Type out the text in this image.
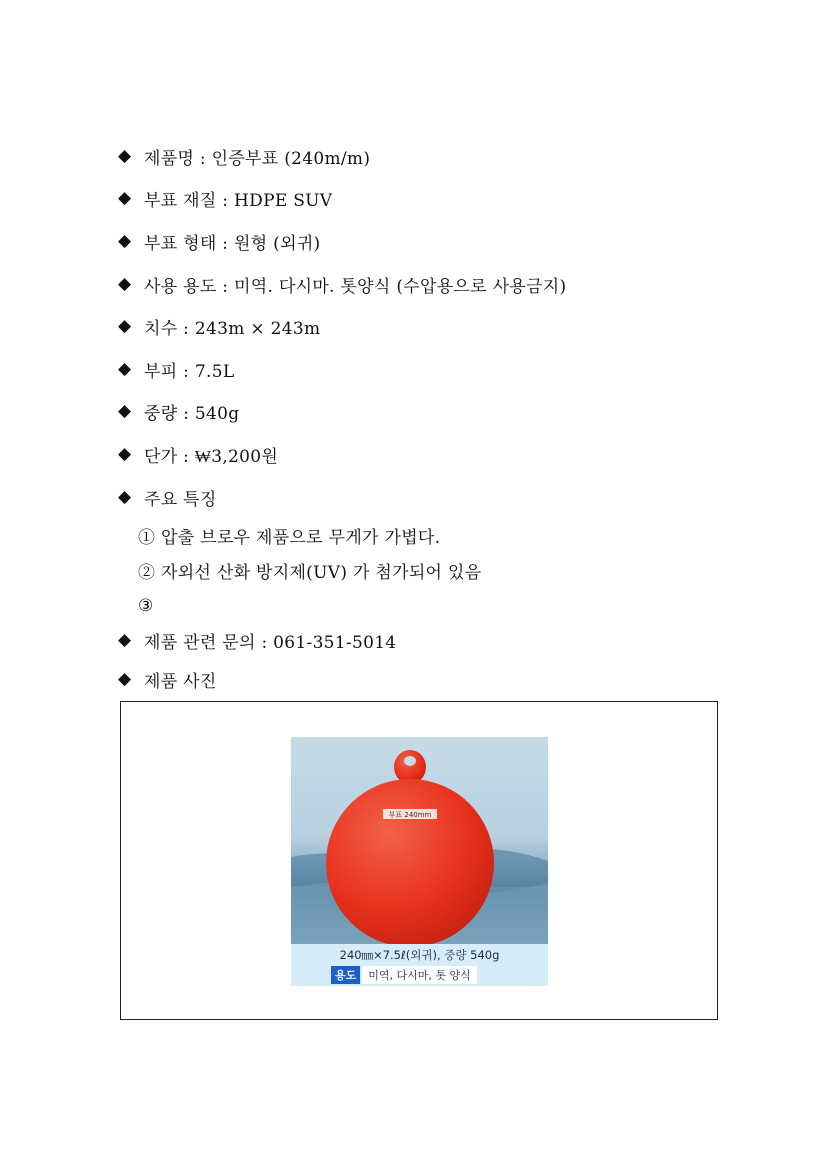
◆ 제품명 : 인증부표 (240m/m)
◆ 부표 재질 : HDPE SUV
◆ 부표 형태 : 원형 (외귀)
◆ 사용 용도 : 미역. 다시마. 톳양식 (수압용으로 사용금지)
◆ 치수 : 243m × 243m
◆ 부피 : 7.5L
◆ 중량 : 540g
◆ 단가 : ₩3,200원
◆ 주요 특징
① 압출 브로우 제품으로 무게가 가볍다.
② 자외선 산화 방지제(UV) 가 첨가되어 있음
③
◆ 제품 관련 문의 : 061-351-5014
◆ 제품 사진
부표 240mm
240㎜×7.5ℓ(외귀), 중량 540g
용도	미역, 다시마, 톳 양식
